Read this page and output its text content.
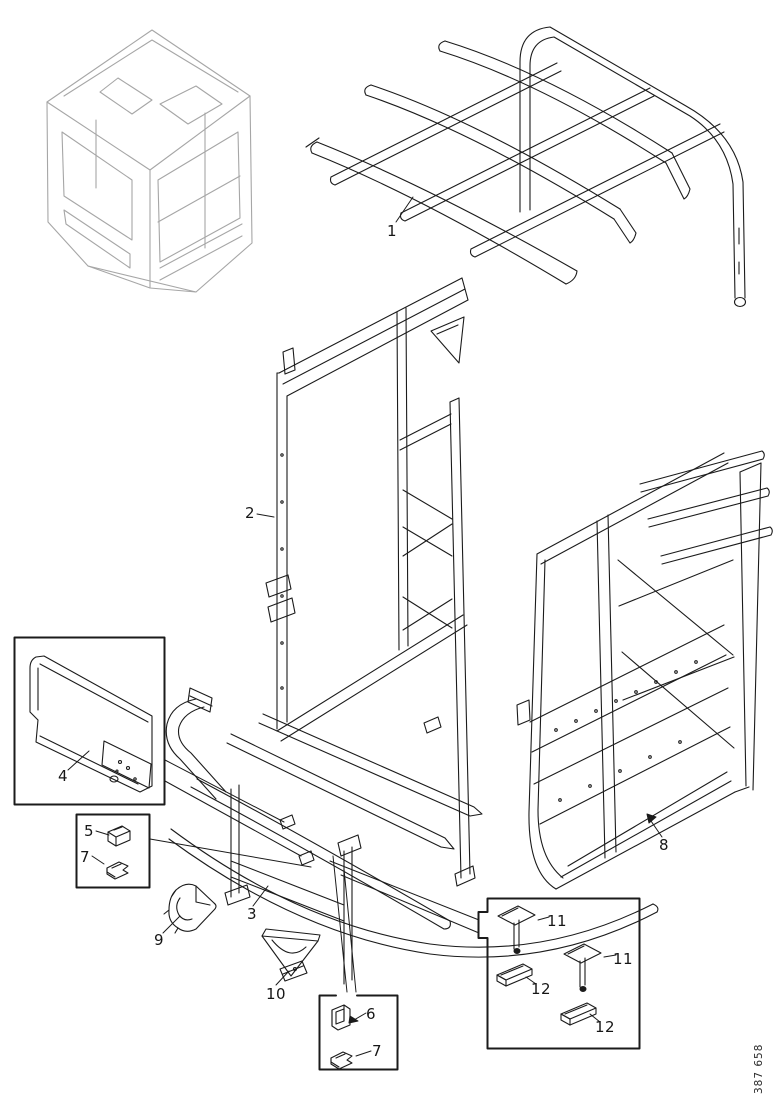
1
2
3
4
5
7
6
7
8
9
10
11
11
12
12
387 658
